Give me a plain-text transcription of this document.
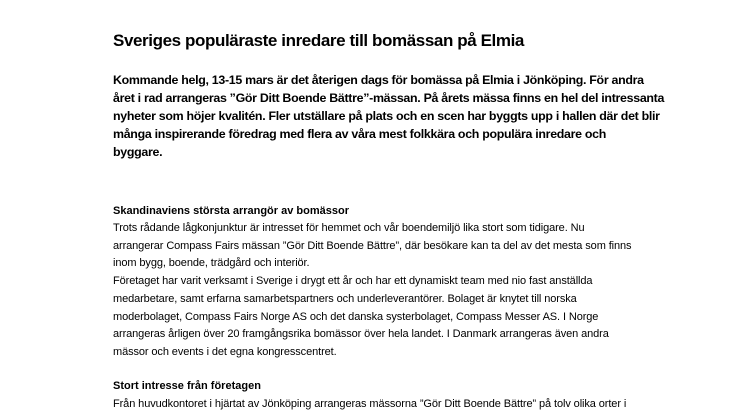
Sveriges populäraste inredare till bomässan på Elmia

Kommande helg, 13-15 mars är det återigen dags för bomässa på Elmia i Jönköping. För andra
året i rad arrangeras ”Gör Ditt Boende Bättre”-mässan. På årets mässa finns en hel del intressanta
nyheter som höjer kvalitén. Fler utställare på plats och en scen har byggts upp i hallen där det blir
många inspirerande föredrag med flera av våra mest folkkära och populära inredare och
byggare.

Skandinaviens största arrangör av bomässor

Trots rådande lågkonjunktur är intresset för hemmet och vår boendemiljö lika stort som tidigare. Nu
arrangerar Compass Fairs mässan ”Gör Ditt Boende Bättre”, där besökare kan ta del av det mesta som finns
inom bygg, boende, trädgård och interiör.
Företaget har varit verksamt i Sverige i drygt ett år och har ett dynamiskt team med nio fast anställda
medarbetare, samt erfarna samarbetspartners och underleverantörer. Bolaget är knytet till norska
moderbolaget, Compass Fairs Norge AS och det danska systerbolaget, Compass Messer AS. I Norge
arrangeras årligen över 20 framgångsrika bomässor över hela landet. I Danmark arrangeras även andra
mässor och events i det egna kongresscentret.

Stort intresse från företagen

Från huvudkontoret i hjärtat av Jönköping arrangeras mässorna ”Gör Ditt Boende Bättre” på tolv olika orter i
